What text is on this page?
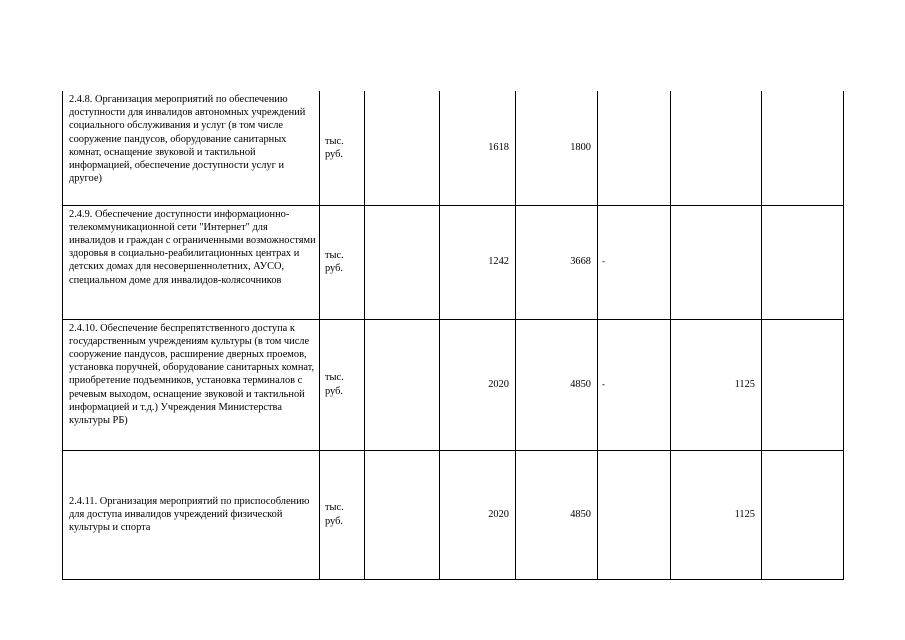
2.4.8. Организация мероприятий по обеспечению доступности для инвалидов автономных учреждений социального обслуживания и услуг (в том числе сооружение пандусов, оборудование санитарных комнат, оснащение звуковой и тактильной информацией, обеспечение доступности услуг и другое)	тыс.
руб.		1618	1800			
2.4.9. Обеспечение доступности информационно-телекоммуникационной сети "Интернет" для инвалидов и граждан с ограниченными возможностями здоровья в социально-реабилитационных центрах и детских домах для несовершеннолетних, АУСО, специальном доме для инвалидов-колясочников	тыс.
руб.		1242	3668	-		
2.4.10. Обеспечение беспрепятственного доступа к государственным учреждениям культуры (в том числе сооружение пандусов, расширение дверных проемов, установка поручней, оборудование санитарных комнат, приобретение подъемников, установка терминалов с речевым выходом, оснащение звуковой и тактильной информацией и т.д.) Учреждения Министерства культуры РБ)	тыс.
руб.		2020	4850	-	1125	
2.4.11. Организация мероприятий по приспособлению для доступа инвалидов учреждений физической культуры и спорта	тыс.
руб.		2020	4850		1125	
